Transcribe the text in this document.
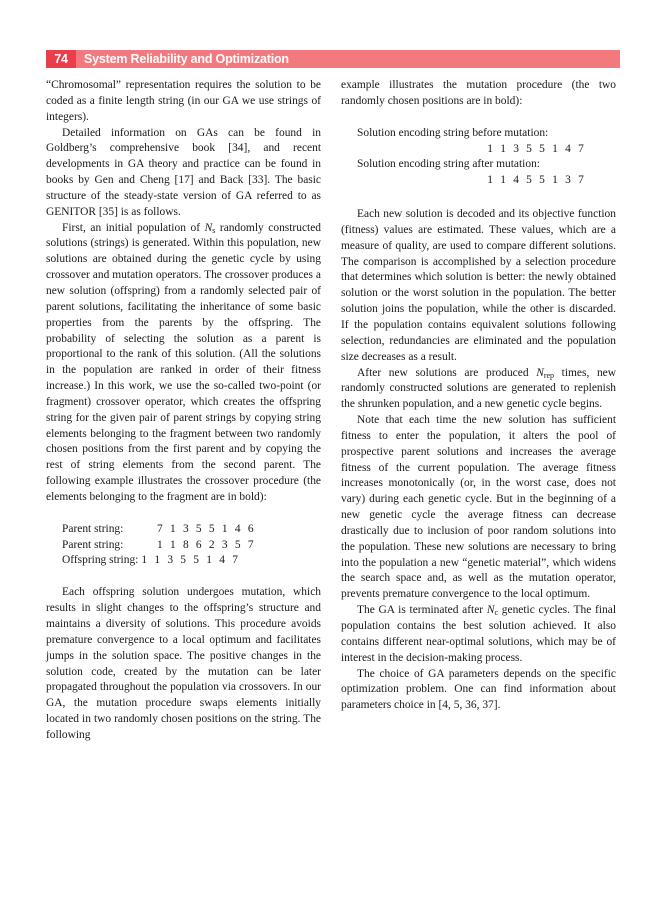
74	System Reliability and Optimization

“Chromosomal” representation requires the solution to be coded as a finite length string (in our GA we use strings of integers).

Detailed information on GAs can be found in Goldberg’s comprehensive book [34], and recent developments in GA theory and practice can be found in books by Gen and Cheng [17] and Back [33]. The basic structure of the steady-state version of GA referred to as GENITOR [35] is as follows.

First, an initial population of $N_s$ randomly constructed solutions (strings) is generated. Within this population, new solutions are obtained during the genetic cycle by using crossover and mutation operators. The crossover produces a new solution (offspring) from a randomly selected pair of parent solutions, facilitating the inheritance of some basic properties from the parents by the offspring. The probability of selecting the solution as a parent is proportional to the rank of this solution. (All the solutions in the population are ranked in order of their fitness increase.) In this work, we use the so-called two-point (or fragment) crossover operator, which creates the offspring string for the given pair of parent strings by copying string elements belonging to the fragment between two randomly chosen positions from the first parent and by copying the rest of string elements from the second parent. The following example illustrates the crossover procedure (the elements belonging to the fragment are in bold):

Parent string:	7 1 3 5 5 1 4 6
Parent string:	1 1 8 6 2 3 5 7
Offspring string: 1 1 3 5 5 1 4 7

Each offspring solution undergoes mutation, which results in slight changes to the offspring’s structure and maintains a diversity of solutions. This procedure avoids premature convergence to a local optimum and facilitates jumps in the solution space. The positive changes in the solution code, created by the mutation can be later propagated throughout the population via crossovers. In our GA, the mutation procedure swaps elements initially located in two randomly chosen positions on the string. The following

example illustrates the mutation procedure (the two randomly chosen positions are in bold):

Solution encoding string before mutation:
1 1 3 5 5 1 4 7
Solution encoding string after mutation:
1 1 4 5 5 1 3 7

Each new solution is decoded and its objective function (fitness) values are estimated. These values, which are a measure of quality, are used to compare different solutions. The comparison is accomplished by a selection procedure that determines which solution is better: the newly obtained solution or the worst solution in the population. The better solution joins the population, while the other is discarded. If the population contains equivalent solutions following selection, redundancies are eliminated and the population size decreases as a result.

After new solutions are produced $N_{rep}$ times, new randomly constructed solutions are generated to replenish the shrunken population, and a new genetic cycle begins.

Note that each time the new solution has sufficient fitness to enter the population, it alters the pool of prospective parent solutions and increases the average fitness of the current population. The average fitness increases monotonically (or, in the worst case, does not vary) during each genetic cycle. But in the beginning of a new genetic cycle the average fitness can decrease drastically due to inclusion of poor random solutions into the population. These new solutions are necessary to bring into the population a new “genetic material”, which widens the search space and, as well as the mutation operator, prevents premature convergence to the local optimum.

The GA is terminated after $N_c$ genetic cycles. The final population contains the best solution achieved. It also contains different near-optimal solutions, which may be of interest in the decision-making process.

The choice of GA parameters depends on the specific optimization problem. One can find information about parameters choice in [4, 5, 36, 37].
